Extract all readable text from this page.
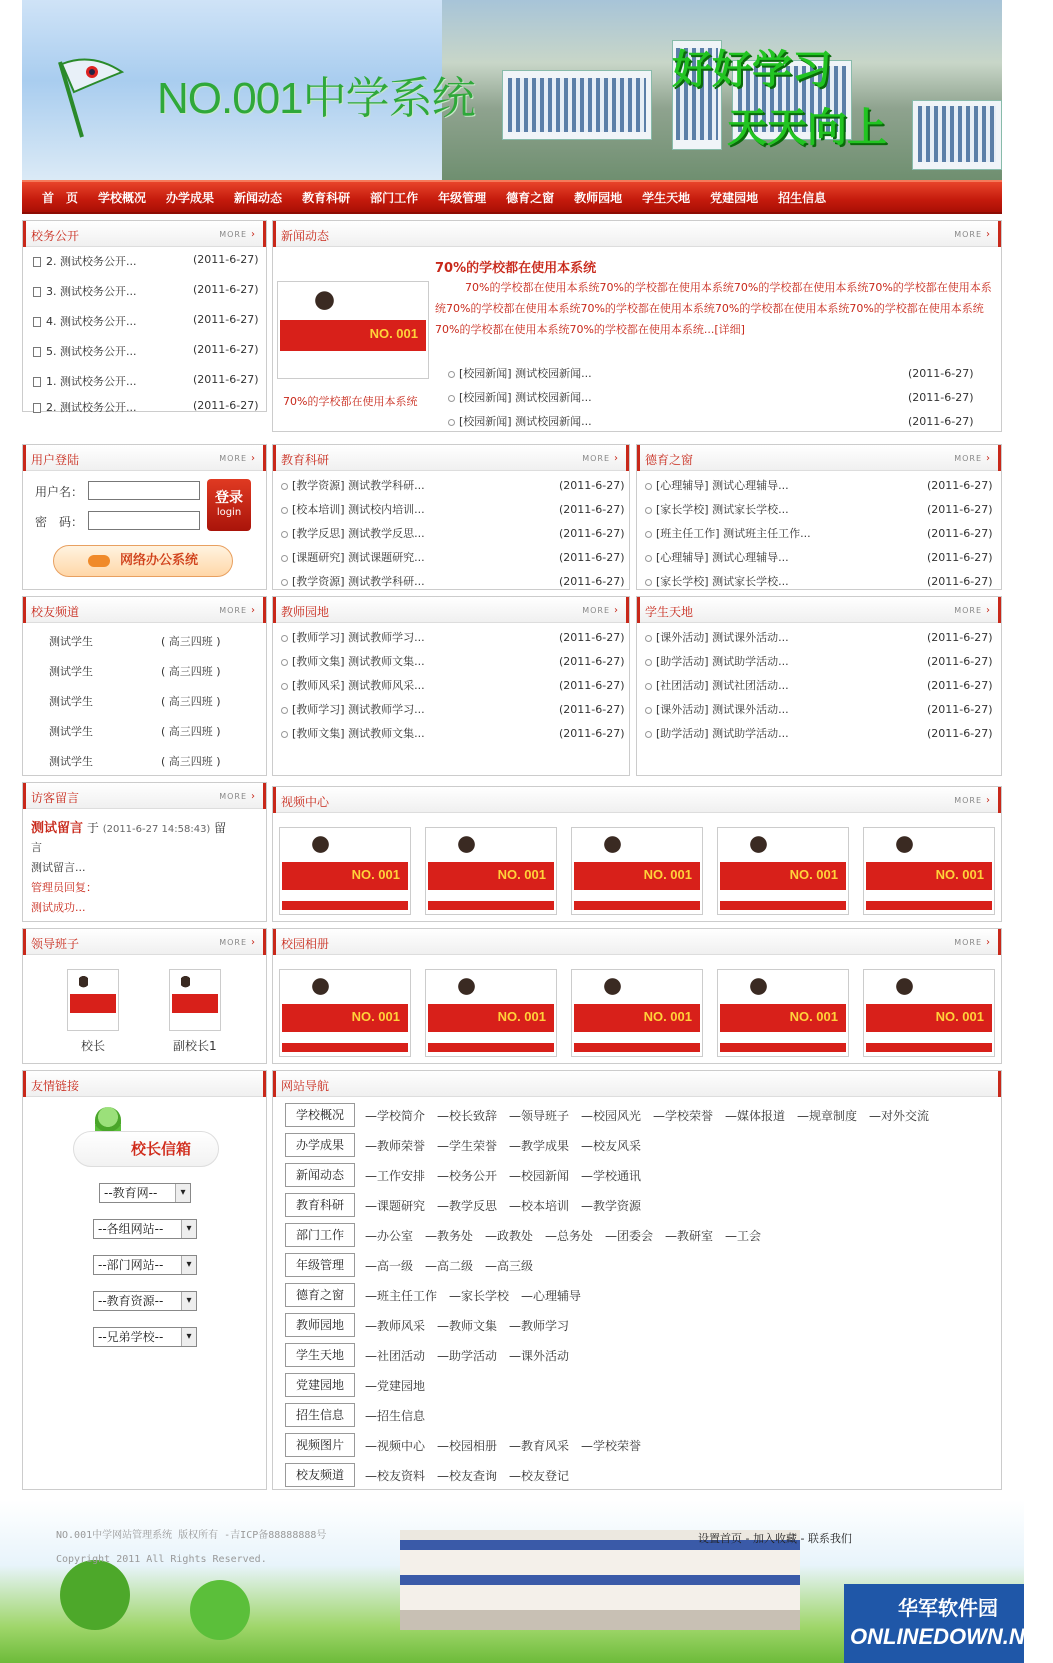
NO.001中学系统
好好学习
天天向上
首　页	学校概况	办学成果	新闻动态	教育科研	部门工作	年级管理	德育之窗	教师园地	学生天地	党建园地	招生信息
校务公开	MORE ›
2. 测试校务公开...	(2011-6-27)
3. 测试校务公开...	(2011-6-27)
4. 测试校务公开...	(2011-6-27)
5. 测试校务公开...	(2011-6-27)
1. 测试校务公开...	(2011-6-27)
2. 测试校务公开...	(2011-6-27)
新闻动态	MORE ›
NO. 001
70%的学校都在使用本系统
70%的学校都在使用本系统
70%的学校都在使用本系统70%的学校都在使用本系统70%的学校都在使用本系统70%的学校都在使用本系统70%的学校都在使用本系统70%的学校都在使用本系统70%的学校都在使用本系统70%的学校都在使用本系统70%的学校都在使用本系统70%的学校都在使用本系统...[详细]
[校园新闻] 测试校园新闻...	(2011-6-27)
[校园新闻] 测试校园新闻...	(2011-6-27)
[校园新闻] 测试校园新闻...	(2011-6-27)
用户登陆	MORE ›
用户名：
密　码：
登录
login
网络办公系统
教育科研	MORE ›
[教学资源] 测试教学科研...	(2011-6-27)
[校本培训] 测试校内培训...	(2011-6-27)
[教学反思] 测试教学反思...	(2011-6-27)
[课题研究] 测试课题研究...	(2011-6-27)
[教学资源] 测试教学科研...	(2011-6-27)
德育之窗	MORE ›
[心理辅导] 测试心理辅导...	(2011-6-27)
[家长学校] 测试家长学校...	(2011-6-27)
[班主任工作] 测试班主任工作...	(2011-6-27)
[心理辅导] 测试心理辅导...	(2011-6-27)
[家长学校] 测试家长学校...	(2011-6-27)
校友频道	MORE ›
测试学生	( 高三四班 )
测试学生	( 高三四班 )
测试学生	( 高三四班 )
测试学生	( 高三四班 )
测试学生	( 高三四班 )
教师园地	MORE ›
[教师学习] 测试教师学习...	(2011-6-27)
[教师文集] 测试教师文集...	(2011-6-27)
[教师风采] 测试教师风采...	(2011-6-27)
[教师学习] 测试教师学习...	(2011-6-27)
[教师文集] 测试教师文集...	(2011-6-27)
学生天地	MORE ›
[课外活动] 测试课外活动...	(2011-6-27)
[助学活动] 测试助学活动...	(2011-6-27)
[社团活动] 测试社团活动...	(2011-6-27)
[课外活动] 测试课外活动...	(2011-6-27)
[助学活动] 测试助学活动...	(2011-6-27)
访客留言	MORE ›
测试留言 于 (2011-6-27 14:58:43) 留
言
测试留言...
管理员回复：
测试成功...
视频中心	MORE ›
NO. 001	NO. 001	NO. 001	NO. 001	NO. 001
领导班子	MORE ›
校长	副校长1
校园相册	MORE ›
NO. 001	NO. 001	NO. 001	NO. 001	NO. 001
友情链接
校长信箱
--教育网-- ▾
--各组网站-- ▾
--部门网站-- ▾
--教育资源-- ▾
--兄弟学校-- ▾
网站导航
学校概况	—学校简介　—校长致辞　—领导班子　—校园风光　—学校荣誉　—媒体报道　—规章制度　—对外交流
办学成果	—教师荣誉　—学生荣誉　—教学成果　—校友风采
新闻动态	—工作安排　—校务公开　—校园新闻　—学校通讯
教育科研	—课题研究　—教学反思　—校本培训　—教学资源
部门工作	—办公室　—教务处　—政教处　—总务处　—团委会　—教研室　—工会
年级管理	—高一级　—高二级　—高三级
德育之窗	—班主任工作　—家长学校　—心理辅导
教师园地	—教师风采　—教师文集　—教师学习
学生天地	—社团活动　—助学活动　—课外活动
党建园地	—党建园地
招生信息	—招生信息
视频图片	—视频中心　—校园相册　—教育风采　—学校荣誉
校友频道	—校友资料　—校友查询　—校友登记
NO.001中学网站管理系统 版权所有 -吉ICP备88888888号
Copyright 2011 All Rights Reserved.
设置首页 - 加入收藏 - 联系我们
华军软件园
ONLINEDOWN.NET
